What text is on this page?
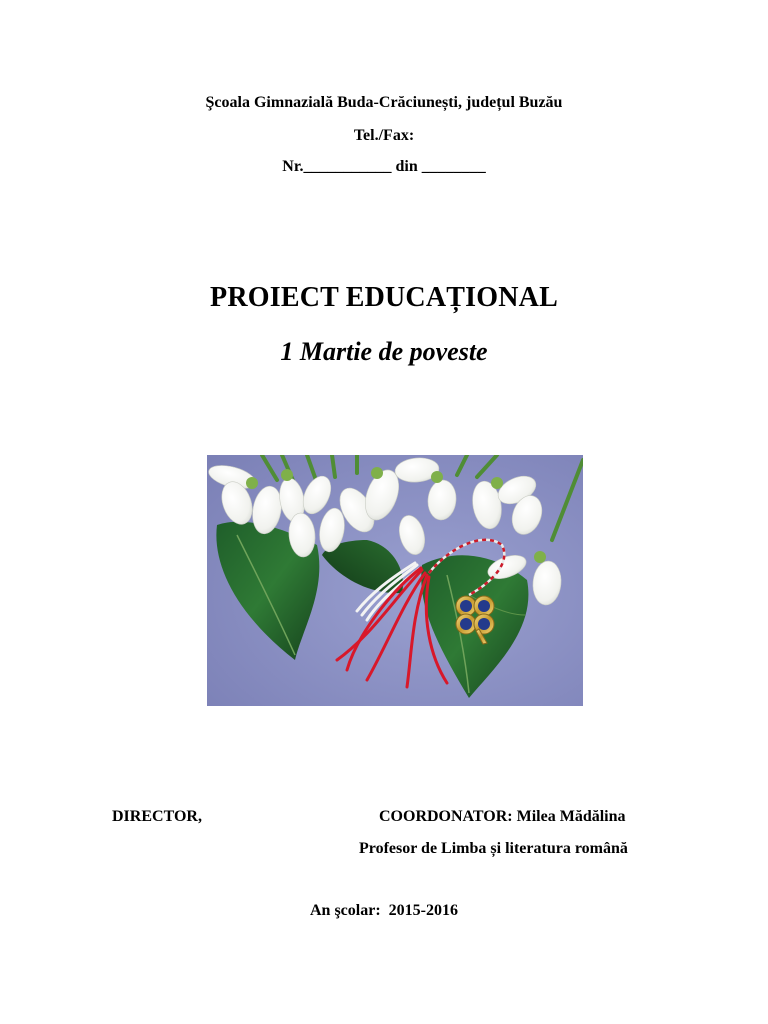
Şcoala Gimnazială Buda-Crăciunești, județul Buzău
Tel./Fax:
Nr.___________ din ________
PROIECT EDUCAȚIONAL
1 Martie de poveste
DIRECTOR,	COORDONATOR: Milea Mădălina
Profesor de Limba și literatura română
An şcolar:  2015-2016
